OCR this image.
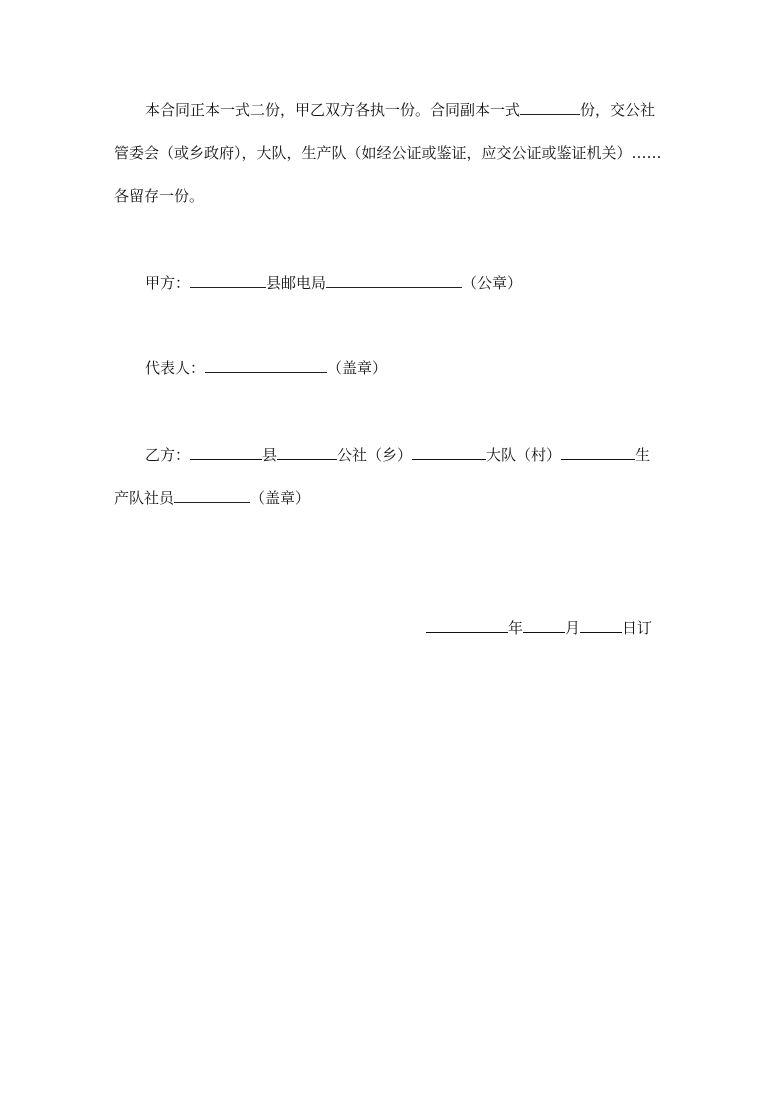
本合同正本一式二份，甲乙双方各执一份。合同副本一式	份，交公社
管委会（或乡政府），大队，生产队（如经公证或鉴证，应交公证或鉴证机关）……
各留存一份。
甲方：	县邮电局	（公章）
代表人：	（盖章）
乙方：	县	公社（乡）	大队（村）	生
产队社员	（盖章）
年	月	日订
